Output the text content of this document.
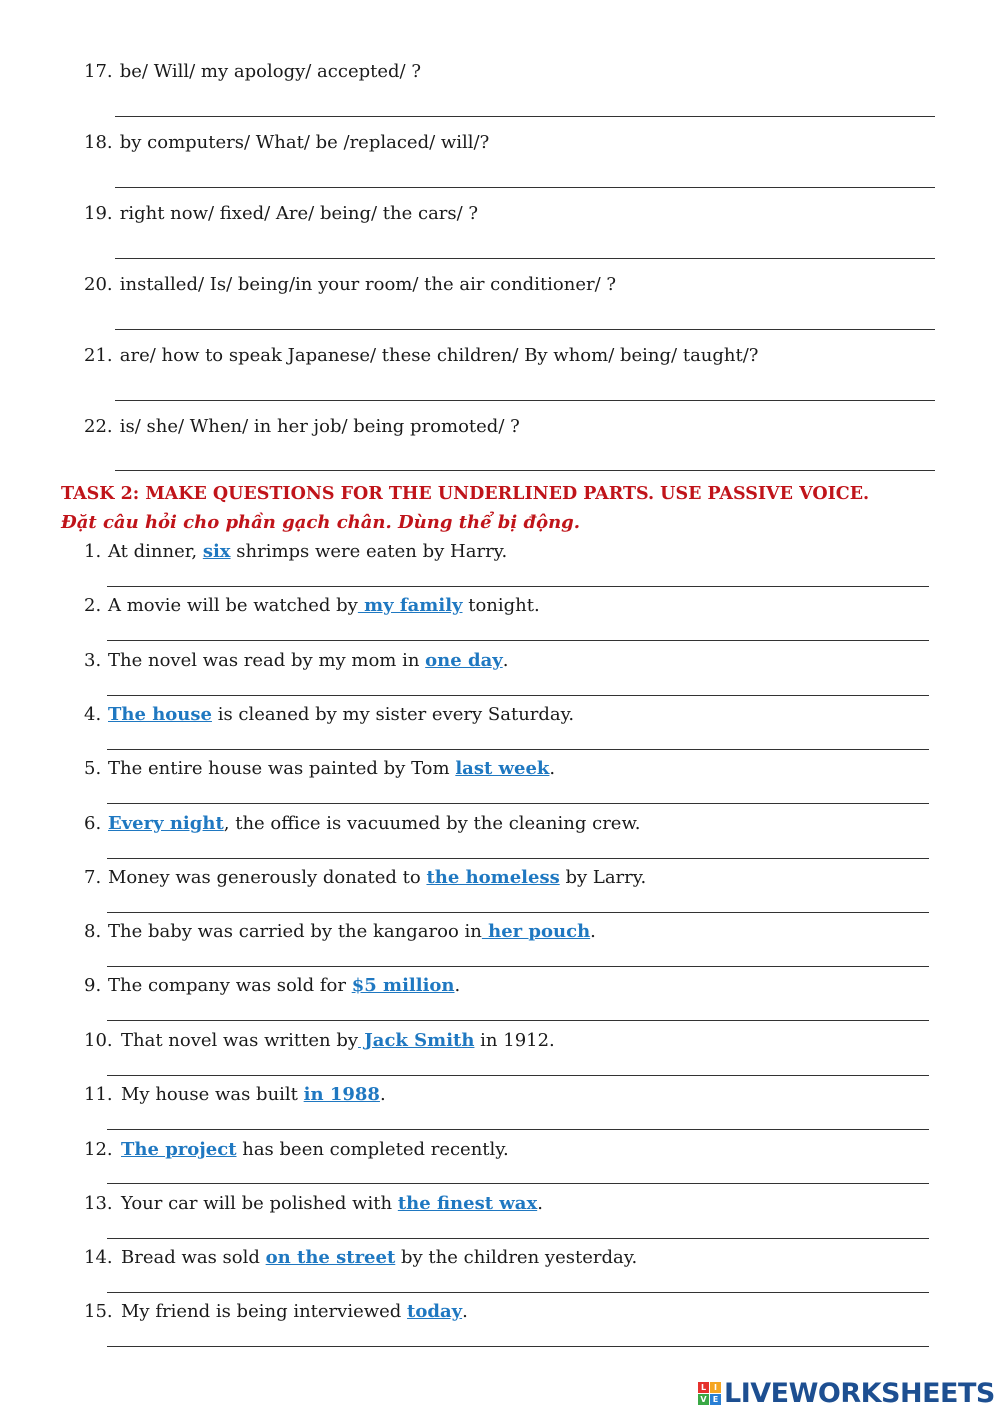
17. be/ Will/ my apology/ accepted/ ?
18. by computers/ What/ be /replaced/ will/?
19. right now/ fixed/ Are/ being/ the cars/ ?
20. installed/ Is/ being/in your room/ the air conditioner/ ?
21. are/ how to speak Japanese/ these children/ By whom/ being/ taught/?
22. is/ she/ When/ in her job/ being promoted/ ?
TASK 2: MAKE QUESTIONS FOR THE UNDERLINED PARTS. USE PASSIVE VOICE.
Đặt câu hỏi cho phần gạch chân. Dùng thể bị động.
1. At dinner, six shrimps were eaten by Harry.
2. A movie will be watched by my family tonight.
3. The novel was read by my mom in one day.
4. The house is cleaned by my sister every Saturday.
5. The entire house was painted by Tom last week.
6. Every night, the office is vacuumed by the cleaning crew.
7. Money was generously donated to the homeless by Larry.
8. The baby was carried by the kangaroo in her pouch.
9. The company was sold for $5 million.
10. That novel was written by Jack Smith in 1912.
11. My house was built in 1988.
12. The project has been completed recently.
13. Your car will be polished with the finest wax.
14. Bread was sold on the street by the children yesterday.
15. My friend is being interviewed today.
L I
V E LIVEWORKSHEETS
